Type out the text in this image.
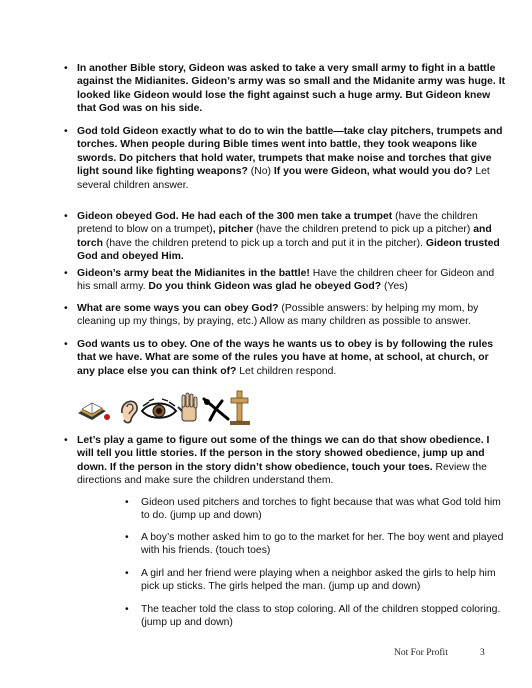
• In another Bible story, Gideon was asked to take a very small army to fight in a battle against the Midianites. Gideon’s army was so small and the Midanite army was huge. It looked like Gideon would lose the fight against such a huge army. But Gideon knew that God was on his side.
• God told Gideon exactly what to do to win the battle—take clay pitchers, trumpets and torches. When people during Bible times went into battle, they took weapons like swords. Do pitchers that hold water, trumpets that make noise and torches that give light sound like fighting weapons? (No) If you were Gideon, what would you do? Let several children answer.
• Gideon obeyed God. He had each of the 300 men take a trumpet (have the children pretend to blow on a trumpet), pitcher (have the children pretend to pick up a pitcher) and torch (have the children pretend to pick up a torch and put it in the pitcher). Gideon trusted God and obeyed Him.
• Gideon’s army beat the Midianites in the battle! Have the children cheer for Gideon and his small army. Do you think Gideon was glad he obeyed God? (Yes)
• What are some ways you can obey God? (Possible answers: by helping my mom, by cleaning up my things, by praying, etc.) Allow as many children as possible to answer.
• God wants us to obey. One of the ways he wants us to obey is by following the rules that we have. What are some of the rules you have at home, at school, at church, or any place else you can think of? Let children respond.
• Let’s play a game to figure out some of the things we can do that show obedience. I will tell you little stories. If the person in the story showed obedience, jump up and down. If the person in the story didn’t show obedience, touch your toes. Review the directions and make sure the children understand them.
• Gideon used pitchers and torches to fight because that was what God told him to do. (jump up and down)
• A boy’s mother asked him to go to the market for her. The boy went and played with his friends. (touch toes)
• A girl and her friend were playing when a neighbor asked the girls to help him pick up sticks. The girls helped the man. (jump up and down)
• The teacher told the class to stop coloring. All of the children stopped coloring. (jump up and down)
Not For Profit	3
